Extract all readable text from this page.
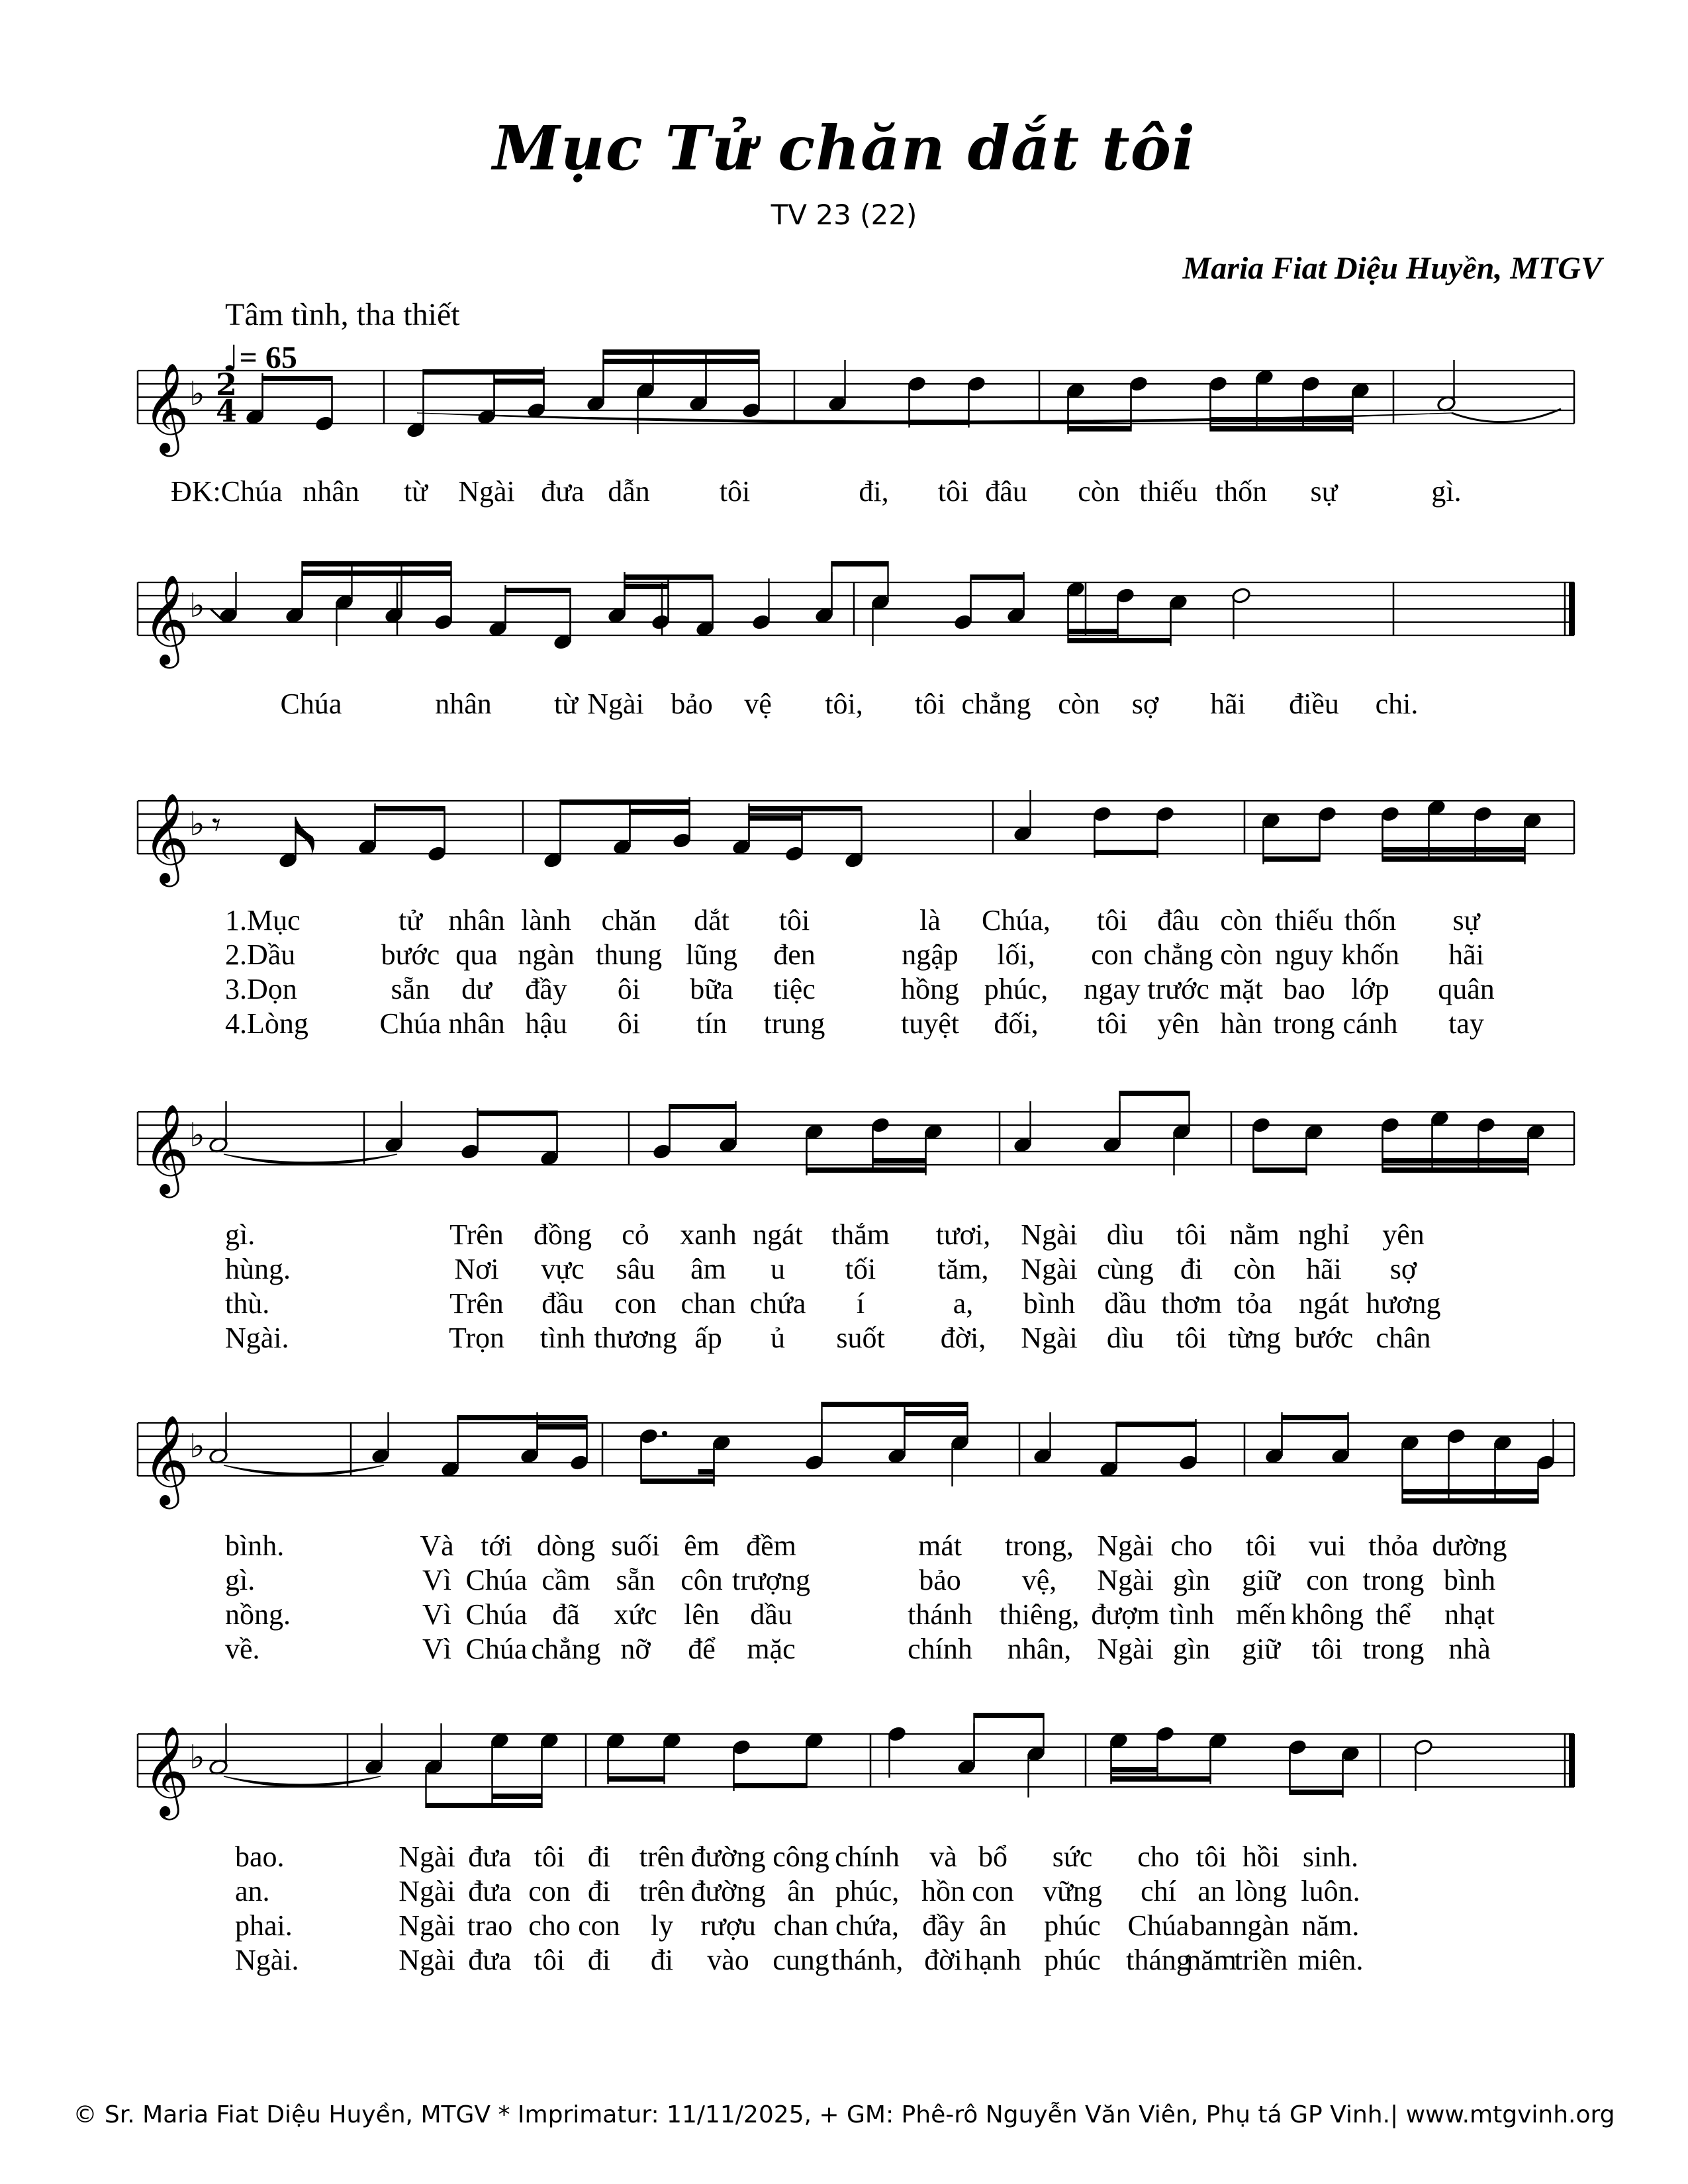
Mục Tử chăn dắt tôi
TV 23 (22)
Maria Fiat Diệu Huyền, MTGV
Tâm tình, tha thiết
♩= 65
𝄞 ♭ 2
4
𝄞 ♭
𝄞 ♭ 𝄾
𝄞 ♭
𝄞 ♭
𝄞 ♭
ĐK:Chúa nhân từ Ngài đưa dẫn tôi	đi, tôi đâu còn thiếu thốn sự	gì.
Chúa	nhân từ Ngài bảo vệ tôi, tôi chẳng còn sợ hãi điều chi.
1.Mục	tử nhân lành chăn dắt tôi	là Chúa, tôi đâu còn thiếu thốn sự
2.Dầu	bước qua ngàn thung lũng đen	ngập lối, con chẳng còn nguy khốn hãi
3.Dọn	sẵn dư đầy ôi bữa tiệc	hồng phúc, ngay trước mặt bao lớp quân
4.Lòng Chúa nhân hậu ôi tín trung	tuyệt đối, tôi yên hàn trong cánh tay
gì.	Trên đồng cỏ xanh ngát thắm tươi, Ngài dìu tôi nằm nghỉ yên
hùng.	Nơi vực sâu âm u tối tăm, Ngài cùng đi còn hãi sợ
thù.	Trên đầu con chan chứa í	a, bình dầu thơm tỏa ngát hương
Ngài.	Trọn tình thương ấp ủ suốt đời, Ngài dìu tôi từng bước chân
bình.	Và tới dòng suối êm đềm	mát trong, Ngài cho tôi vui thỏa dường
gì.	Vì Chúa cầm sẵn côn trượng	bảo vệ, Ngài gìn giữ con trong bình
nồng.	Vì Chúa đã xức lên dầu	thánh thiêng, đượm tình mến không thể nhạt
về.	Vì Chúa chẳng nỡ để mặc	chính nhân, Ngài gìn giữ tôi trong nhà
bao.	Ngài đưa tôi đi trên đường công chính và bổ sức cho tôi hồi sinh.
an.	Ngài đưa con đi trên đường ân phúc, hồn con vững chí an lòng luôn.
phai.	Ngài trao cho con ly rượu chan chứa, đầy ân phúc Chúa ban ngàn năm.
Ngài.	Ngài đưa tôi đi đi vào cung thánh, đời hạnh phúc tháng
năm
triền miên.
© Sr. Maria Fiat Diệu Huyền, MTGV * Imprimatur: 11/11/2025, + GM: Phê-rô Nguyễn Văn Viên, Phụ tá GP Vinh.| www.mtgvinh.org
